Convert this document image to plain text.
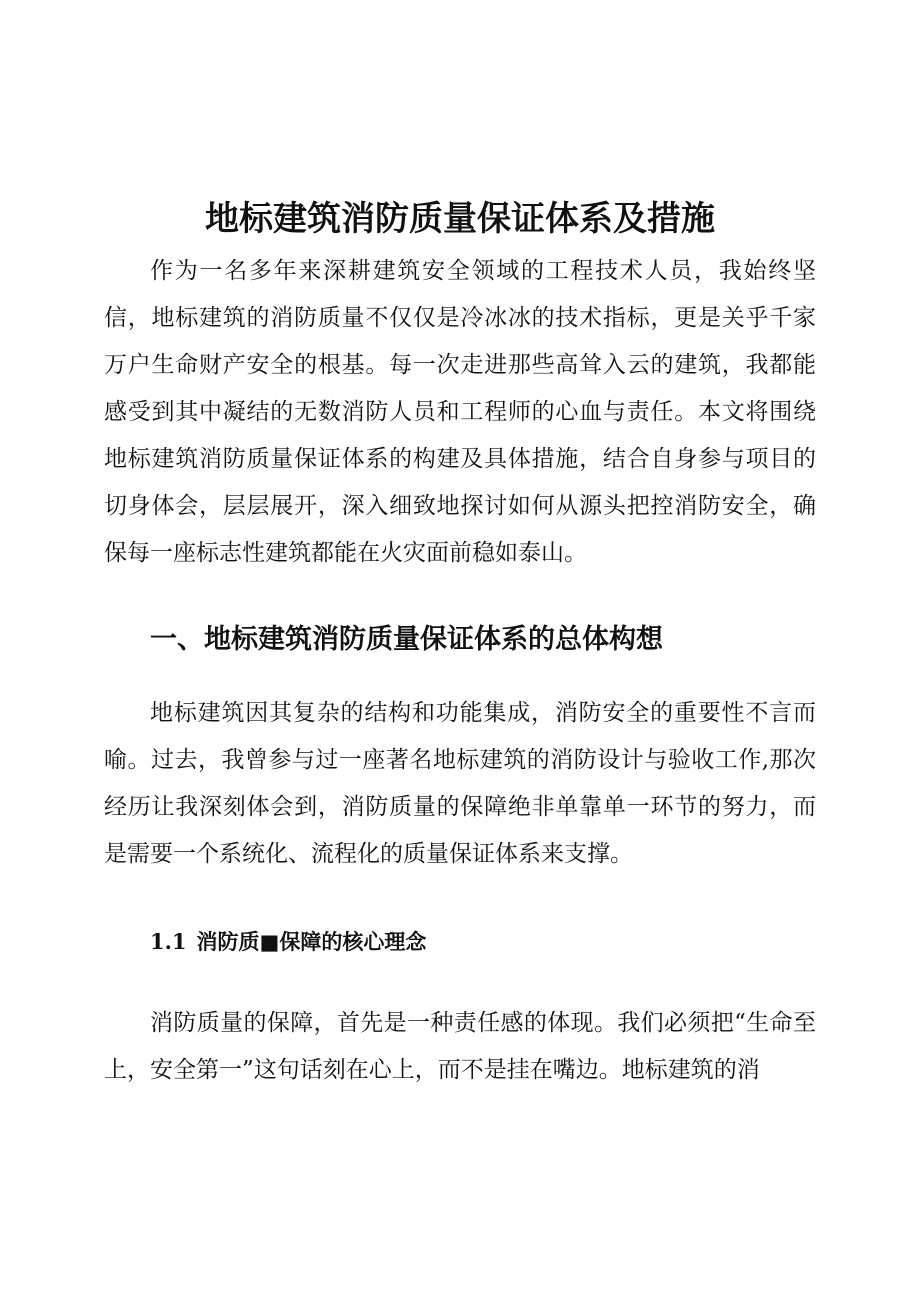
地标建筑消防质量保证体系及措施

作为一名多年来深耕建筑安全领域的工程技术人员，我始终坚信，地标建筑的消防质量不仅仅是冷冰冰的技术指标，更是关乎千家万户生命财产安全的根基。每一次走进那些高耸入云的建筑，我都能感受到其中凝结的无数消防人员和工程师的心血与责任。本文将围绕地标建筑消防质量保证体系的构建及具体措施，结合自身参与项目的切身体会，层层展开，深入细致地探讨如何从源头把控消防安全，确保每一座标志性建筑都能在火灾面前稳如泰山。

一、地标建筑消防质量保证体系的总体构想

地标建筑因其复杂的结构和功能集成，消防安全的重要性不言而喻。过去，我曾参与过一座著名地标建筑的消防设计与验收工作,那次经历让我深刻体会到，消防质量的保障绝非单靠单一环节的努力，而是需要一个系统化、流程化的质量保证体系来支撑。

1.1 消防质■保障的核心理念

消防质量的保障，首先是一种责任感的体现。我们必须把“生命至上，安全第一”这句话刻在心上，而不是挂在嘴边。地标建筑的消
